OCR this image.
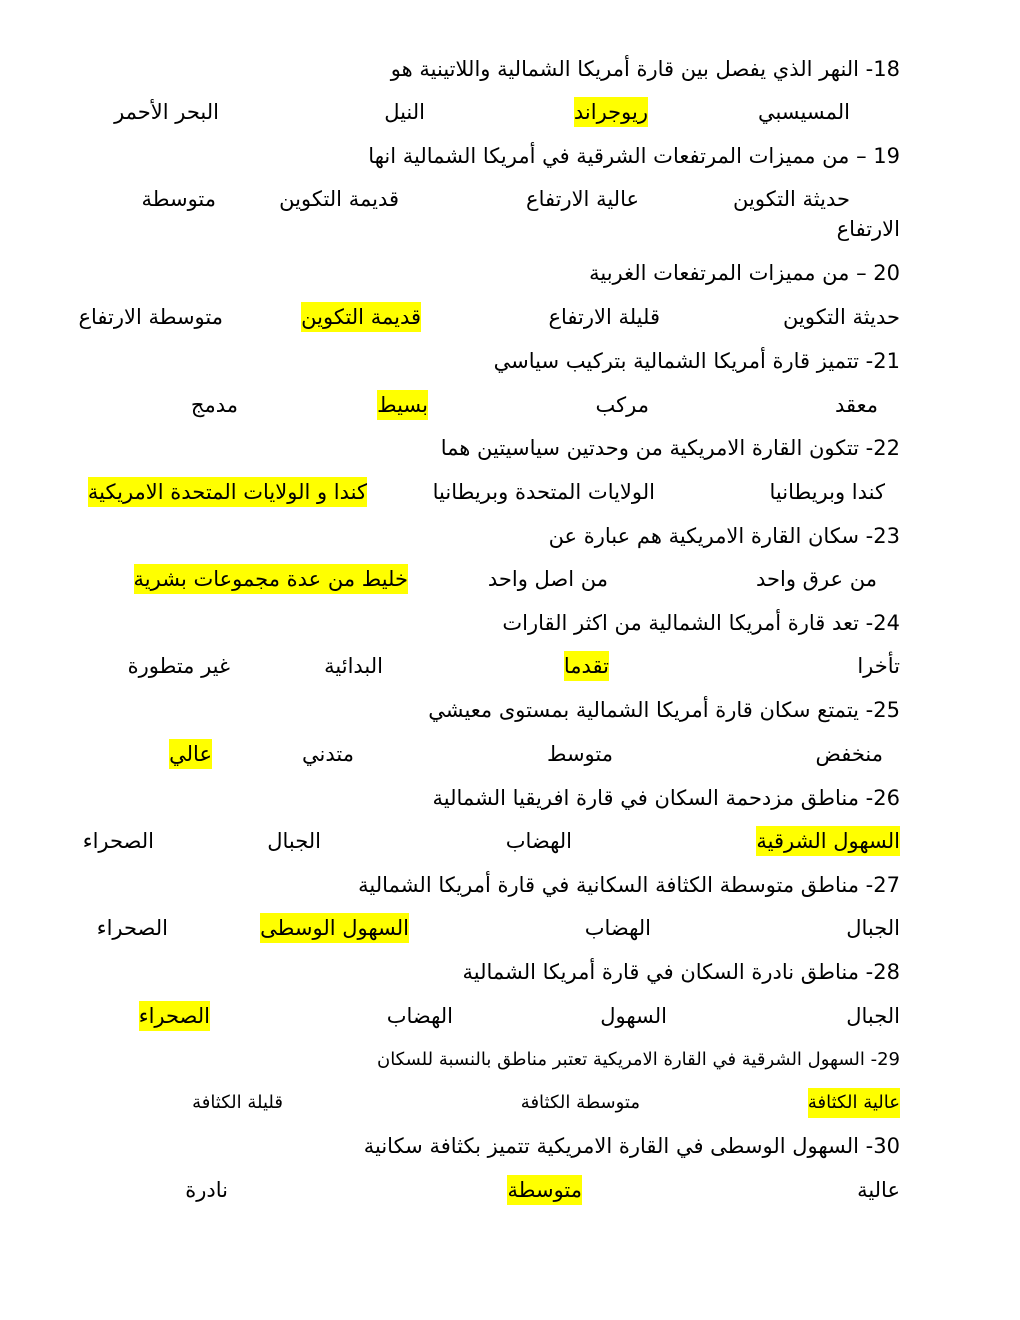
18- النهر الذي يفصل بين قارة أمريكا الشمالية واللاتينية هو
المسيسبي
ريوجراند
النيل
البحر الأحمر
19 – من مميزات المرتفعات الشرقية في أمريكا الشمالية انها
حديثة التكوين
عالية الارتفاع
قديمة التكوين
متوسطة
الارتفاع
20 – من مميزات المرتفعات الغربية
حديثة التكوين
قليلة الارتفاع
قديمة التكوين
متوسطة الارتفاع
21- تتميز قارة أمريكا الشمالية بتركيب سياسي
معقد
مركب
بسيط
مدمج
22- تتكون القارة الامريكية من وحدتين سياسيتين هما
كندا وبريطانيا
الولايات المتحدة وبريطانيا
كندا و الولايات المتحدة الامريكية
23- سكان القارة الامريكية هم عبارة عن
من عرق واحد
من اصل واحد
خليط من عدة مجموعات بشرية
24- تعد قارة أمريكا الشمالية من اكثر القارات
تأخرا
تقدما
البدائية
غير متطورة
25- يتمتع سكان قارة أمريكا الشمالية بمستوى معيشي
منخفض
متوسط
متدني
عالي
26- مناطق مزدحمة السكان في قارة افريقيا الشمالية
السهول الشرقية
الهضاب
الجبال
الصحراء
27- مناطق متوسطة الكثافة السكانية في قارة أمريكا الشمالية
الجبال
الهضاب
السهول الوسطى
الصحراء
28- مناطق نادرة السكان في قارة أمريكا الشمالية
الجبال
السهول
الهضاب
الصحراء
29- السهول الشرقية في القارة الامريكية تعتبر مناطق بالنسبة للسكان
عالية الكثافة
متوسطة الكثافة
قليلة الكثافة
30- السهول الوسطى في القارة الامريكية تتميز بكثافة سكانية
عالية
متوسطة
نادرة
